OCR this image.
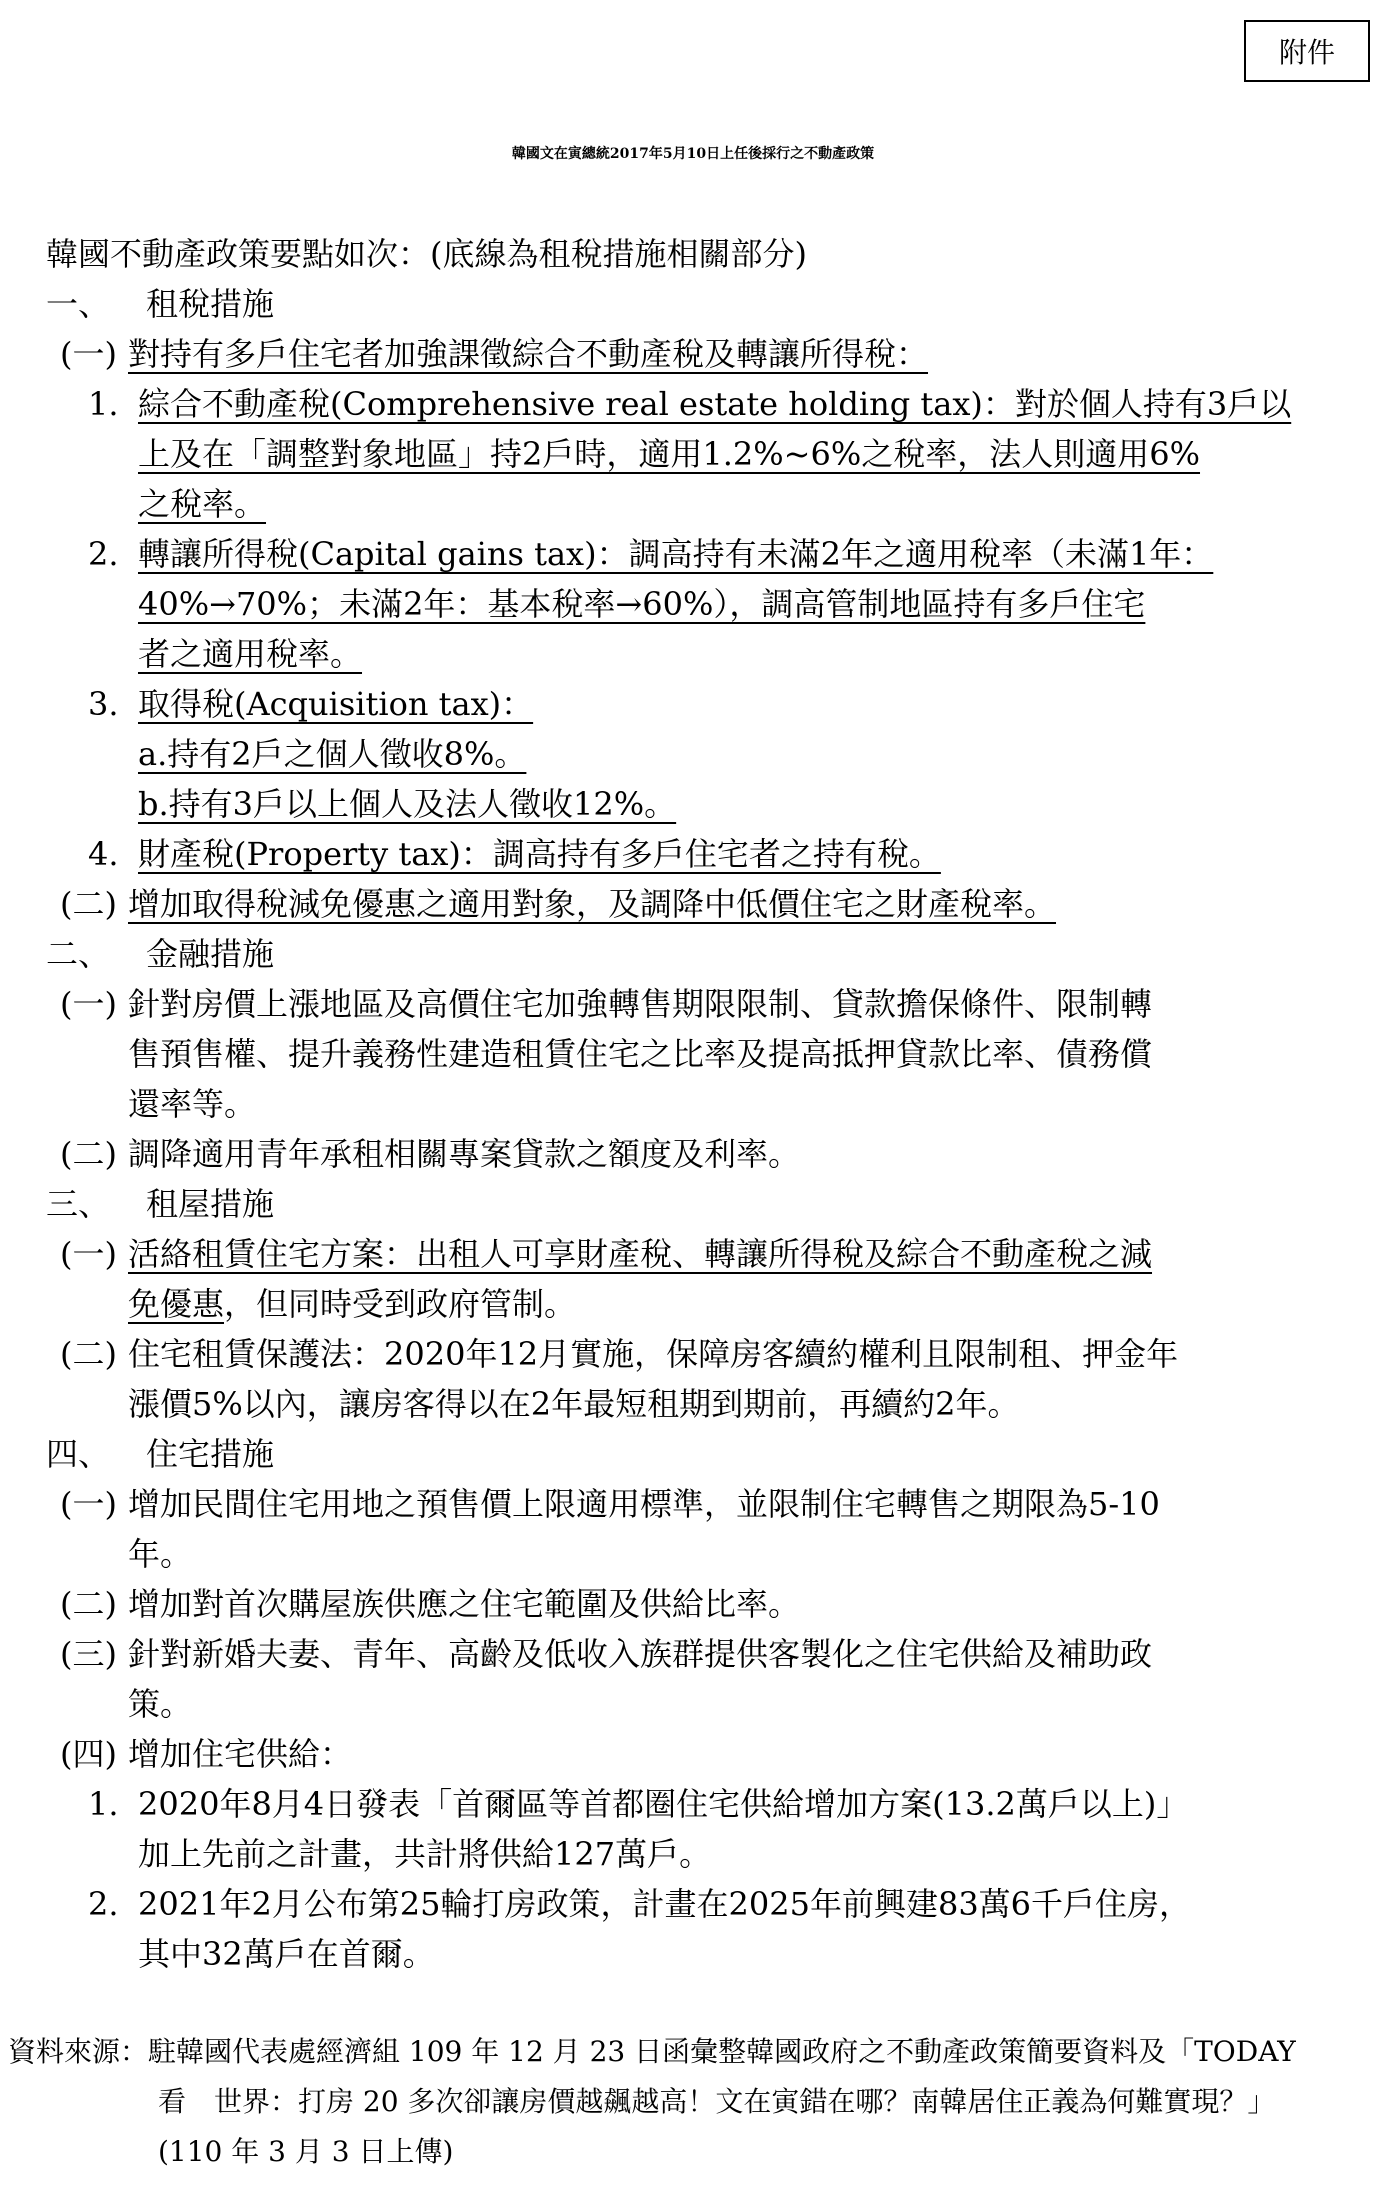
附件
韓國文在寅總統2017年5月10日上任後採行之不動產政策
韓國不動產政策要點如次：(底線為租稅措施相關部分)
一、 租稅措施
(一) 對持有多戶住宅者加強課徵綜合不動產稅及轉讓所得稅：
1. 綜合不動產稅(Comprehensive real estate holding tax)：對於個人持有3戶以
上及在「調整對象地區」持2戶時，適用1.2%~6%之稅率，法人則適用6%
之稅率。
2. 轉讓所得稅(Capital gains tax)：調高持有未滿2年之適用稅率（未滿1年：
40%→70%；未滿2年：基本稅率→60%），調高管制地區持有多戶住宅
者之適用稅率。
3. 取得稅(Acquisition tax)：
a.持有2戶之個人徵收8%。
b.持有3戶以上個人及法人徵收12%。
4. 財產稅(Property tax)：調高持有多戶住宅者之持有稅。
(二) 增加取得稅減免優惠之適用對象，及調降中低價住宅之財產稅率。
二、 金融措施
(一) 針對房價上漲地區及高價住宅加強轉售期限限制、貸款擔保條件、限制轉
售預售權、提升義務性建造租賃住宅之比率及提高抵押貸款比率、債務償
還率等。
(二) 調降適用青年承租相關專案貸款之額度及利率。
三、 租屋措施
(一) 活絡租賃住宅方案：出租人可享財產稅、轉讓所得稅及綜合不動產稅之減
免優惠，但同時受到政府管制。
(二) 住宅租賃保護法：2020年12月實施，保障房客續約權利且限制租、押金年
漲價5%以內，讓房客得以在2年最短租期到期前，再續約2年。
四、 住宅措施
(一) 增加民間住宅用地之預售價上限適用標準，並限制住宅轉售之期限為5-10
年。
(二) 增加對首次購屋族供應之住宅範圍及供給比率。
(三) 針對新婚夫妻、青年、高齡及低收入族群提供客製化之住宅供給及補助政
策。
(四) 增加住宅供給：
1. 2020年8月4日發表「首爾區等首都圈住宅供給增加方案(13.2萬戶以上)」
加上先前之計畫，共計將供給127萬戶。
2. 2021年2月公布第25輪打房政策，計畫在2025年前興建83萬6千戶住房，
其中32萬戶在首爾。
資料來源：駐韓國代表處經濟組 109 年 12 月 23 日函彙整韓國政府之不動產政策簡要資料及「TODAY
看　世界：打房 20 多次卻讓房價越飆越高！文在寅錯在哪？南韓居住正義為何難實現？」
(110 年 3 月 3 日上傳)
